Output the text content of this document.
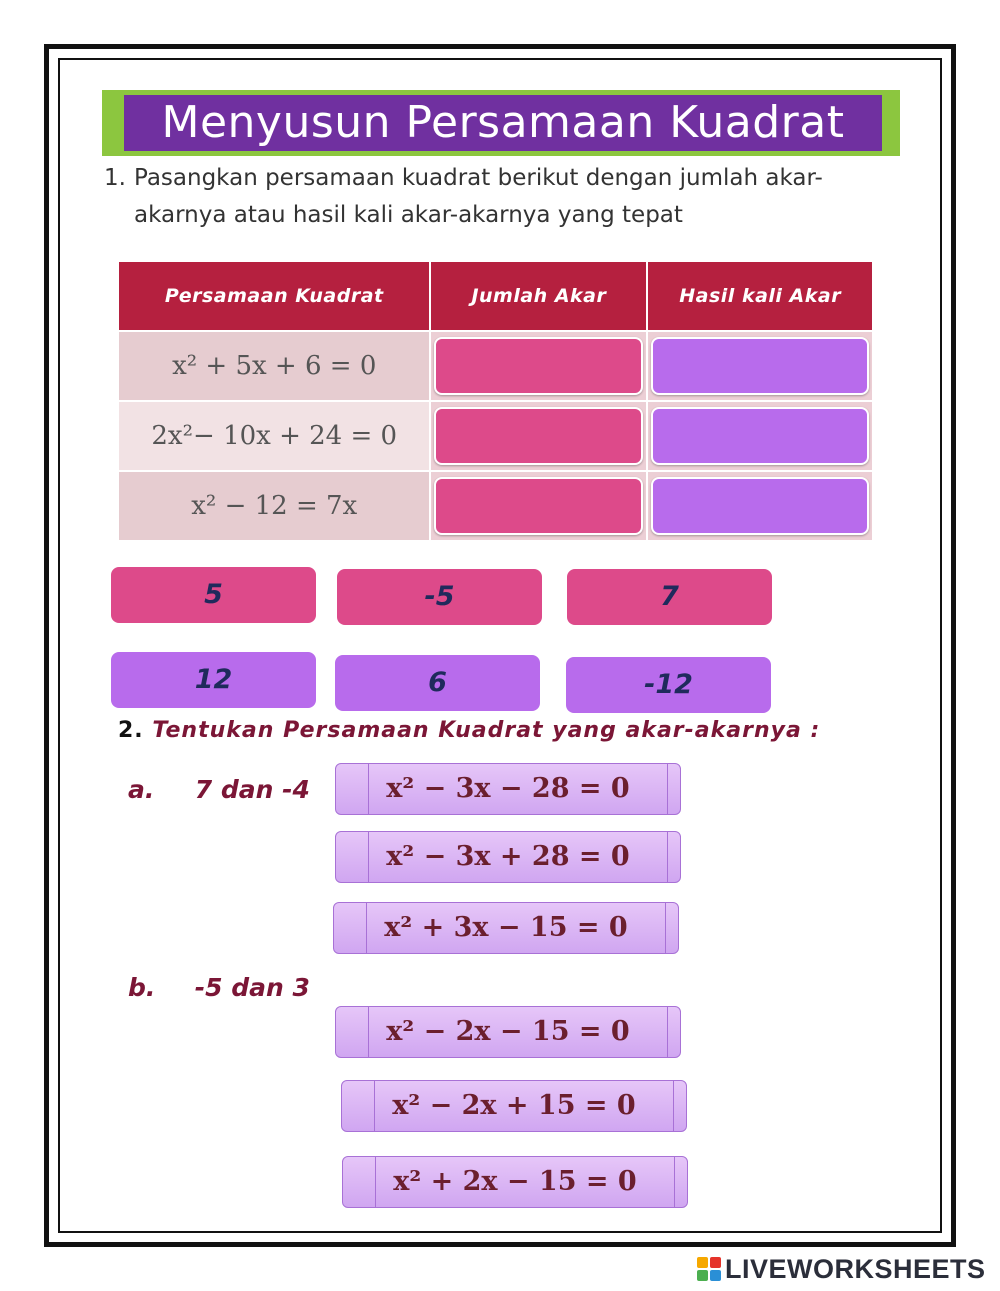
Menyusun Persamaan Kuadrat
1. Pasangkan persamaan kuadrat berikut dengan jumlah akar-akarnya atau hasil kali akar-akarnya yang tepat
Persamaan Kuadrat	Jumlah Akar	Hasil kali Akar
x² + 5x + 6 = 0	

2x²− 10x + 24 = 0	

x² − 12 = 7x	

5	-5	7
12	6	-12
2. Tentukan Persamaan Kuadrat yang akar-akarnya :
a. 7 dan -4	x² − 3x − 28 = 0
x² − 3x + 28 = 0
x² + 3x − 15 = 0
b. -5 dan 3
x² − 2x − 15 = 0
x² − 2x + 15 = 0
x² + 2x − 15 = 0
LIVEWORKSHEETS
